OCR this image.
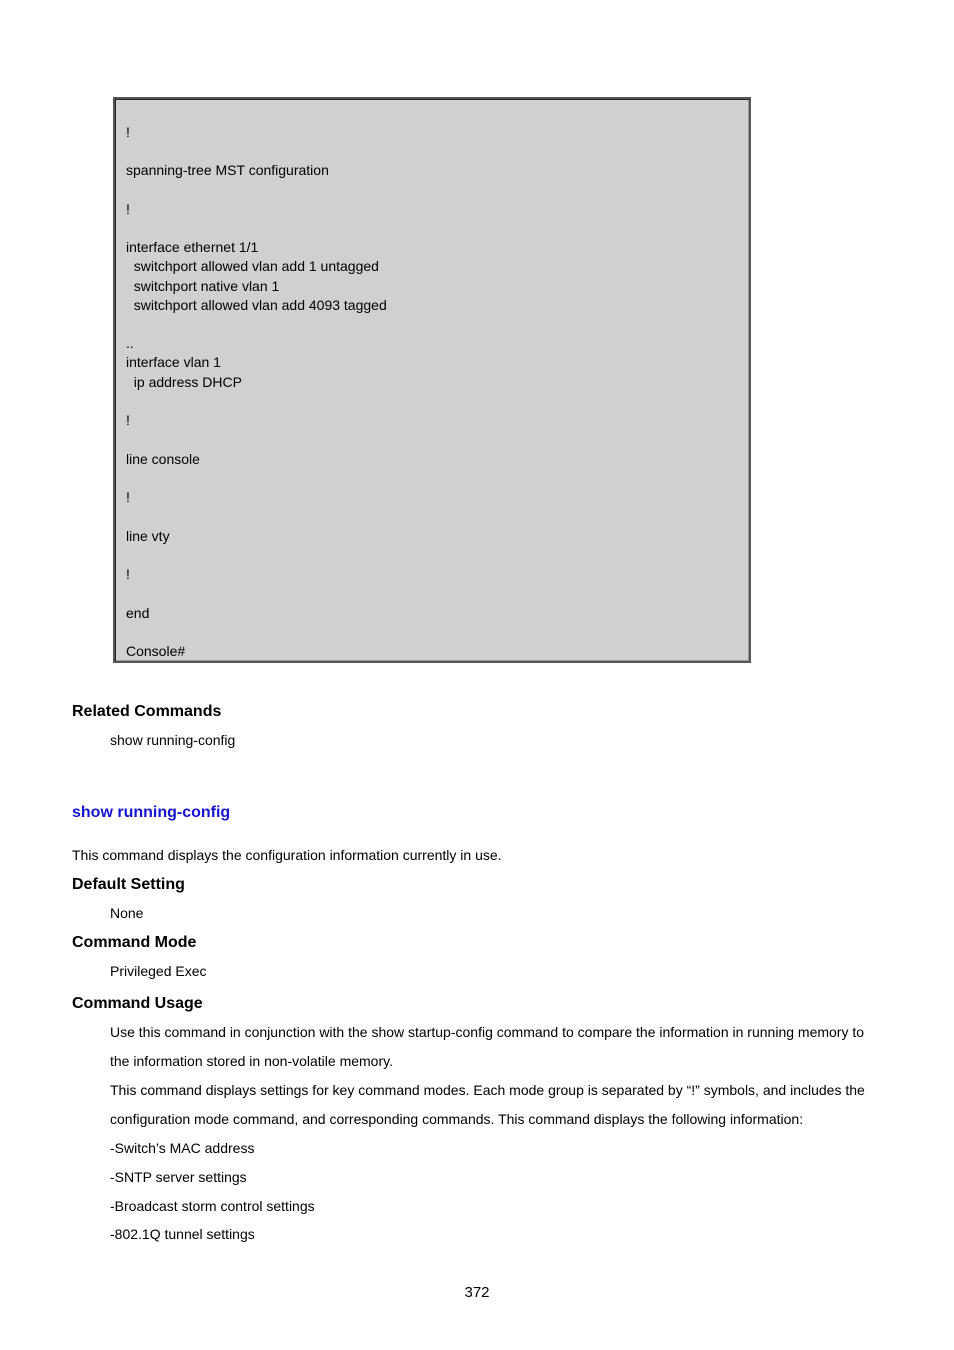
!
spanning-tree MST configuration
!
interface ethernet 1/1
switchport allowed vlan add 1 untagged
switchport native vlan 1
switchport allowed vlan add 4093 tagged
..
interface vlan 1
ip address DHCP
!
line console
!
line vty
!
end
Console#
Related Commands
show running-config
show running-config
This command displays the configuration information currently in use.
Default Setting
None
Command Mode
Privileged Exec
Command Usage
Use this command in conjunction with the show startup-config command to compare the information in running memory to
the information stored in non-volatile memory.
This command displays settings for key command modes. Each mode group is separated by “!” symbols, and includes the
configuration mode command, and corresponding commands. This command displays the following information:
-Switch’s MAC address
-SNTP server settings
-Broadcast storm control settings
-802.1Q tunnel settings
372
